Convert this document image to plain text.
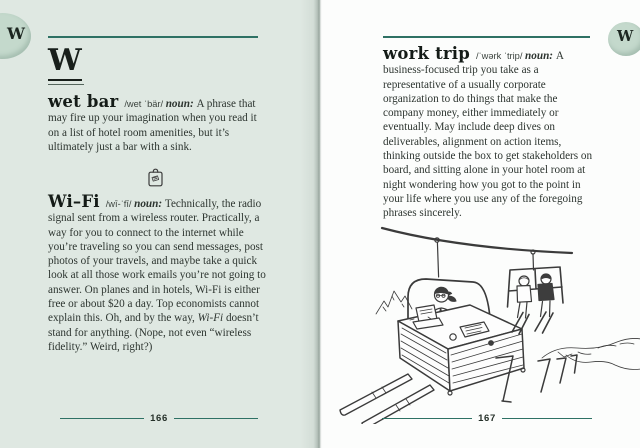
W

wet bar /wet ˈbär/ noun: A phrase that may fire up your imagination when you read it on a list of hotel room amenities, but it’s ultimately just a bar with a sink.

Wi–Fi /wī-ˈfī/ noun: Technically, the radio signal sent from a wireless router. Practically, a way for you to connect to the internet while you’re traveling so you can send messages, post photos of your travels, and maybe take a quick look at all those work emails you’re not going to answer. On planes and in hotels, Wi-Fi is either free or about $20 a day. Top economists cannot explain this. Oh, and by the way, Wi-Fi doesn’t stand for anything. (Nope, not even “wireless fidelity.” Weird, right?)

166
W

work trip /ˈwərk ˈtrip/ noun: A business-focused trip you take as a representative of a usually corporate organization to do things that make the company money, either immediately or eventually. May include deep dives on deliverables, alignment on action items, thinking outside the box to get stakeholders on board, and sitting alone in your hotel room at night wondering how you got to the point in your life where you use any of the foregoing phrases sincerely.

167
W
